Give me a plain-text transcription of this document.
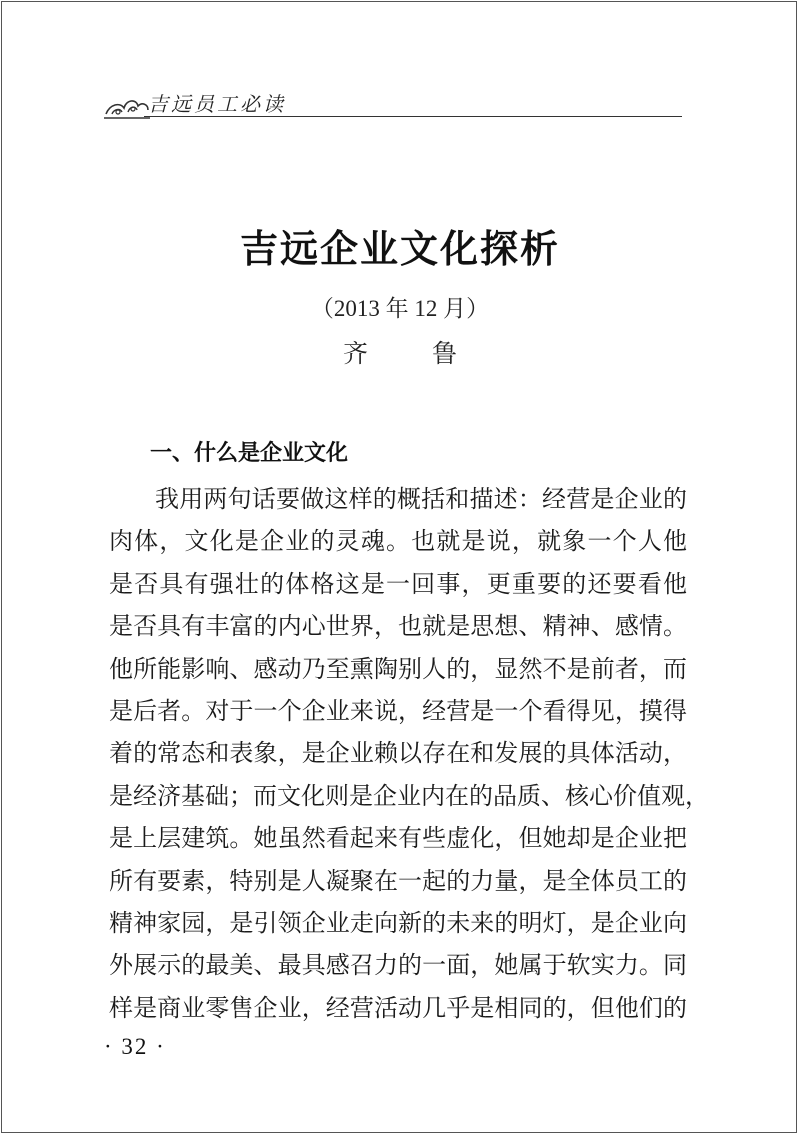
吉远员工必读
吉远企业文化探析
（2013 年 12 月）
齐 鲁
一、什么是企业文化
我用两句话要做这样的概括和描述：经营是企业的
肉体，文化是企业的灵魂。也就是说，就象一个人他
是否具有强壮的体格这是一回事，更重要的还要看他
是否具有丰富的内心世界，也就是思想、精神、感情。
他所能影响、感动乃至熏陶别人的，显然不是前者，而
是后者。对于一个企业来说，经营是一个看得见，摸得
着的常态和表象，是企业赖以存在和发展的具体活动，
是经济基础；而文化则是企业内在的品质、核心价值观，
是上层建筑。她虽然看起来有些虚化，但她却是企业把
所有要素，特别是人凝聚在一起的力量，是全体员工的
精神家园，是引领企业走向新的未来的明灯，是企业向
外展示的最美、最具感召力的一面，她属于软实力。同
样是商业零售企业，经营活动几乎是相同的，但他们的
· 32 ·
